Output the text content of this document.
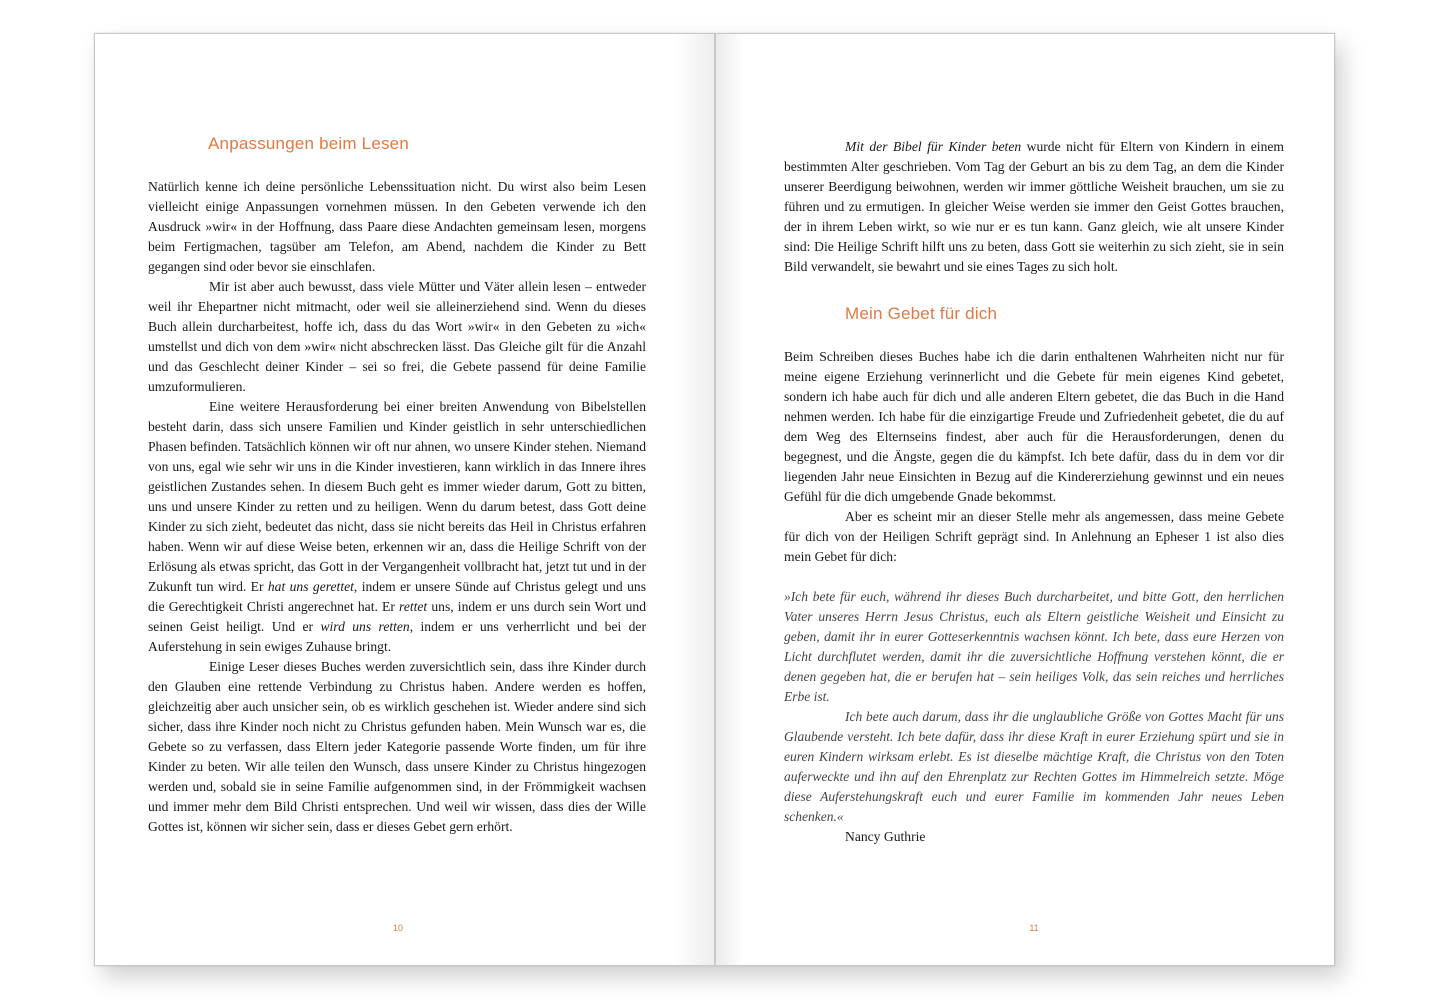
Anpassungen beim Lesen

Natürlich kenne ich deine persönliche Lebenssituation nicht. Du wirst also beim Lesen vielleicht einige Anpassungen vornehmen müssen. In den Gebeten verwende ich den Ausdruck »wir« in der Hoffnung, dass Paare diese Andachten gemeinsam lesen, morgens beim Fertigmachen, tagsüber am Telefon, am Abend, nachdem die Kinder zu Bett gegangen sind oder bevor sie einschlafen.

Mir ist aber auch bewusst, dass viele Mütter und Väter allein lesen – entweder weil ihr Ehepartner nicht mitmacht, oder weil sie alleinerziehend sind. Wenn du dieses Buch allein durcharbeitest, hoffe ich, dass du das Wort »wir« in den Gebeten zu »ich« umstellst und dich von dem »wir« nicht abschrecken lässt. Das Gleiche gilt für die Anzahl und das Geschlecht deiner Kinder – sei so frei, die Gebete passend für deine Familie umzuformulieren.

Eine weitere Herausforderung bei einer breiten Anwendung von Bibelstellen besteht darin, dass sich unsere Familien und Kinder geistlich in sehr unterschiedlichen Phasen befinden. Tatsächlich können wir oft nur ahnen, wo unsere Kinder stehen. Niemand von uns, egal wie sehr wir uns in die Kinder investieren, kann wirklich in das Innere ihres geistlichen Zustandes sehen. In diesem Buch geht es immer wieder darum, Gott zu bitten, uns und unsere Kinder zu retten und zu heiligen. Wenn du darum betest, dass Gott deine Kinder zu sich zieht, bedeutet das nicht, dass sie nicht bereits das Heil in Christus erfahren haben. Wenn wir auf diese Weise beten, erkennen wir an, dass die Heilige Schrift von der Erlösung als etwas spricht, das Gott in der Vergangenheit vollbracht hat, jetzt tut und in der Zukunft tun wird. Er hat uns gerettet, indem er unsere Sünde auf Christus gelegt und uns die Gerechtigkeit Christi angerechnet hat. Er rettet uns, indem er uns durch sein Wort und seinen Geist heiligt. Und er wird uns retten, indem er uns verherrlicht und bei der Auferstehung in sein ewiges Zuhause bringt.

Einige Leser dieses Buches werden zuversichtlich sein, dass ihre Kinder durch den Glauben eine rettende Verbindung zu Christus haben. Andere werden es hoffen, gleichzeitig aber auch unsicher sein, ob es wirklich geschehen ist. Wieder andere sind sich sicher, dass ihre Kinder noch nicht zu Christus gefunden haben. Mein Wunsch war es, die Gebete so zu verfassen, dass Eltern jeder Kategorie passende Worte finden, um für ihre Kinder zu beten. Wir alle teilen den Wunsch, dass unsere Kinder zu Christus hingezogen werden und, sobald sie in seine Familie aufgenommen sind, in der Frömmigkeit wachsen und immer mehr dem Bild Christi entsprechen. Und weil wir wissen, dass dies der Wille Gottes ist, können wir sicher sein, dass er dieses Gebet gern erhört.

10

Mit der Bibel für Kinder beten wurde nicht für Eltern von Kindern in einem bestimmten Alter geschrieben. Vom Tag der Geburt an bis zu dem Tag, an dem die Kinder unserer Beerdigung beiwohnen, werden wir immer göttliche Weisheit brauchen, um sie zu führen und zu ermutigen. In gleicher Weise werden sie immer den Geist Gottes brauchen, der in ihrem Leben wirkt, so wie nur er es tun kann. Ganz gleich, wie alt unsere Kinder sind: Die Heilige Schrift hilft uns zu beten, dass Gott sie weiterhin zu sich zieht, sie in sein Bild verwandelt, sie bewahrt und sie eines Tages zu sich holt.

Mein Gebet für dich

Beim Schreiben dieses Buches habe ich die darin enthaltenen Wahrheiten nicht nur für meine eigene Erziehung verinnerlicht und die Gebete für mein eigenes Kind gebetet, sondern ich habe auch für dich und alle anderen Eltern gebetet, die das Buch in die Hand nehmen werden. Ich habe für die einzigartige Freude und Zufriedenheit gebetet, die du auf dem Weg des Elternseins findest, aber auch für die Herausforderungen, denen du begegnest, und die Ängste, gegen die du kämpfst. Ich bete dafür, dass du in dem vor dir liegenden Jahr neue Einsichten in Bezug auf die Kindererziehung gewinnst und ein neues Gefühl für die dich umgebende Gnade bekommst.

Aber es scheint mir an dieser Stelle mehr als angemessen, dass meine Gebete für dich von der Heiligen Schrift geprägt sind. In Anlehnung an Epheser 1 ist also dies mein Gebet für dich:

»Ich bete für euch, während ihr dieses Buch durcharbeitet, und bitte Gott, den herrlichen Vater unseres Herrn Jesus Christus, euch als Eltern geistliche Weisheit und Einsicht zu geben, damit ihr in eurer Gotteserkenntnis wachsen könnt. Ich bete, dass eure Herzen von Licht durchflutet werden, damit ihr die zuversichtliche Hoffnung verstehen könnt, die er denen gegeben hat, die er berufen hat – sein heiliges Volk, das sein reiches und herrliches Erbe ist.

Ich bete auch darum, dass ihr die unglaubliche Größe von Gottes Macht für uns Glaubende versteht. Ich bete dafür, dass ihr diese Kraft in eurer Erziehung spürt und sie in euren Kindern wirksam erlebt. Es ist dieselbe mächtige Kraft, die Christus von den Toten auferweckte und ihn auf den Ehrenplatz zur Rechten Gottes im Himmelreich setzte. Möge diese Auferstehungskraft euch und eurer Familie im kommenden Jahr neues Leben schenken.«

Nancy Guthrie
11
